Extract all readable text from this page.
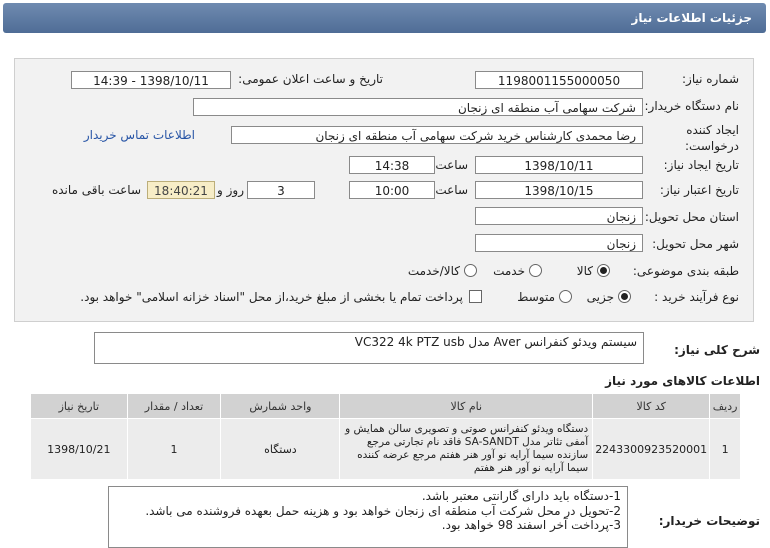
جزئیات اطلاعات نیاز
شماره نیاز:
1198001155000050
تاریخ و ساعت اعلان عمومی:
1398/10/11 - 14:39
نام دستگاه خریدار:
شرکت سهامی آب منطقه ای زنجان
ایجاد کننده درخواست:
رضا محمدی کارشناس خرید شرکت سهامی آب منطقه ای زنجان
اطلاعات تماس خریدار
تاریخ ایجاد نیاز:
1398/10/11
ساعت
14:38
تاریخ اعتبار نیاز:
1398/10/15
ساعت
10:00
3
روز و
18:40:21
ساعت باقی مانده
استان محل تحویل:
زنجان
شهر محل تحویل:
زنجان
طبقه بندی موضوعی:
کالا
خدمت
کالا/خدمت
نوع فرآیند خرید :
جزیی
متوسط
پرداخت تمام یا بخشی از مبلغ خرید،از محل "اسناد خزانه اسلامی" خواهد بود.
شرح کلی نیاز:
سیستم ویدئو کنفرانس Aver مدل VC322 4k PTZ usb
اطلاعات کالاهای مورد نیاز
ردیف	کد کالا	نام کالا	واحد شمارش	تعداد / مقدار	تاریخ نیاز
1	2243300923520001	دستگاه ویدئو کنفرانس صوتی و تصویری سالن همایش و آمفی تئاتر مدل SA-SANDT فاقد نام تجارتی مرجع سازنده سیما آرایه نو آور هنر هفتم مرجع عرضه کننده سیما آرایه نو آور هنر هفتم	دستگاه	1	1398/10/21
توضیحات خریدار:
1-دستگاه باید دارای گارانتی معتبر باشد.
2-تحویل در محل شرکت آب منطقه ای زنجان خواهد بود و هزینه حمل بعهده فروشنده می باشد.
3-پرداخت آخر اسفند 98 خواهد بود.
